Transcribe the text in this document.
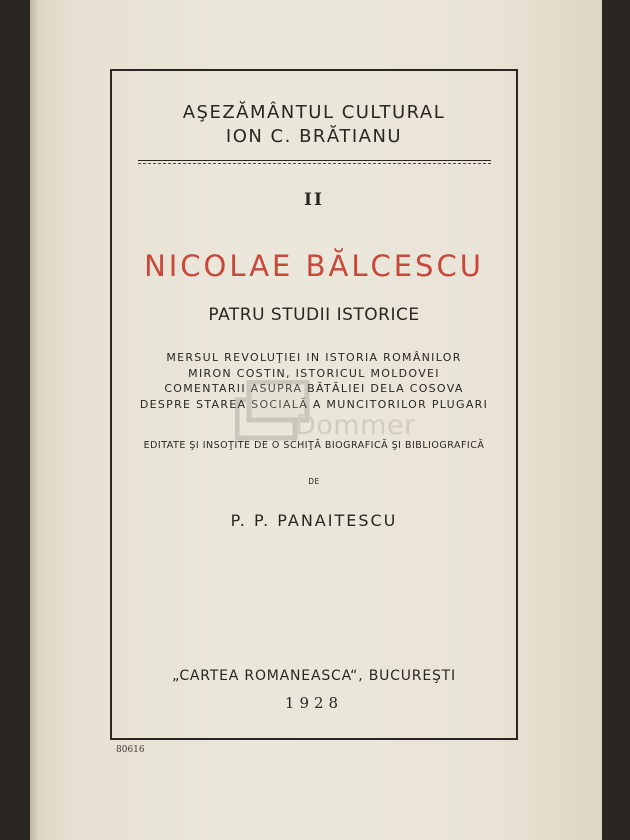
AŞEZĂMÂNTUL CULTURAL
ION C. BRĂTIANU
II
NICOLAE BĂLCESCU
PATRU STUDII ISTORICE
MERSUL REVOLUŢIEI IN ISTORIA ROMÂNILOR
MIRON COSTIN, ISTORICUL MOLDOVEI
COMENTARII ASUPRA BĂTĂLIEI DELA COSOVA
DESPRE STAREA SOCIALĂ A MUNCITORILOR PLUGARI
EDITATE ŞI INSOŢITE DE O SCHIŢĂ BIOGRAFICĂ ŞI BIBLIOGRAFICĂ
DE
P. P. PANAITESCU
„CARTEA ROMANEASCA“, BUCUREŞTI
1928
80616
Dommer
